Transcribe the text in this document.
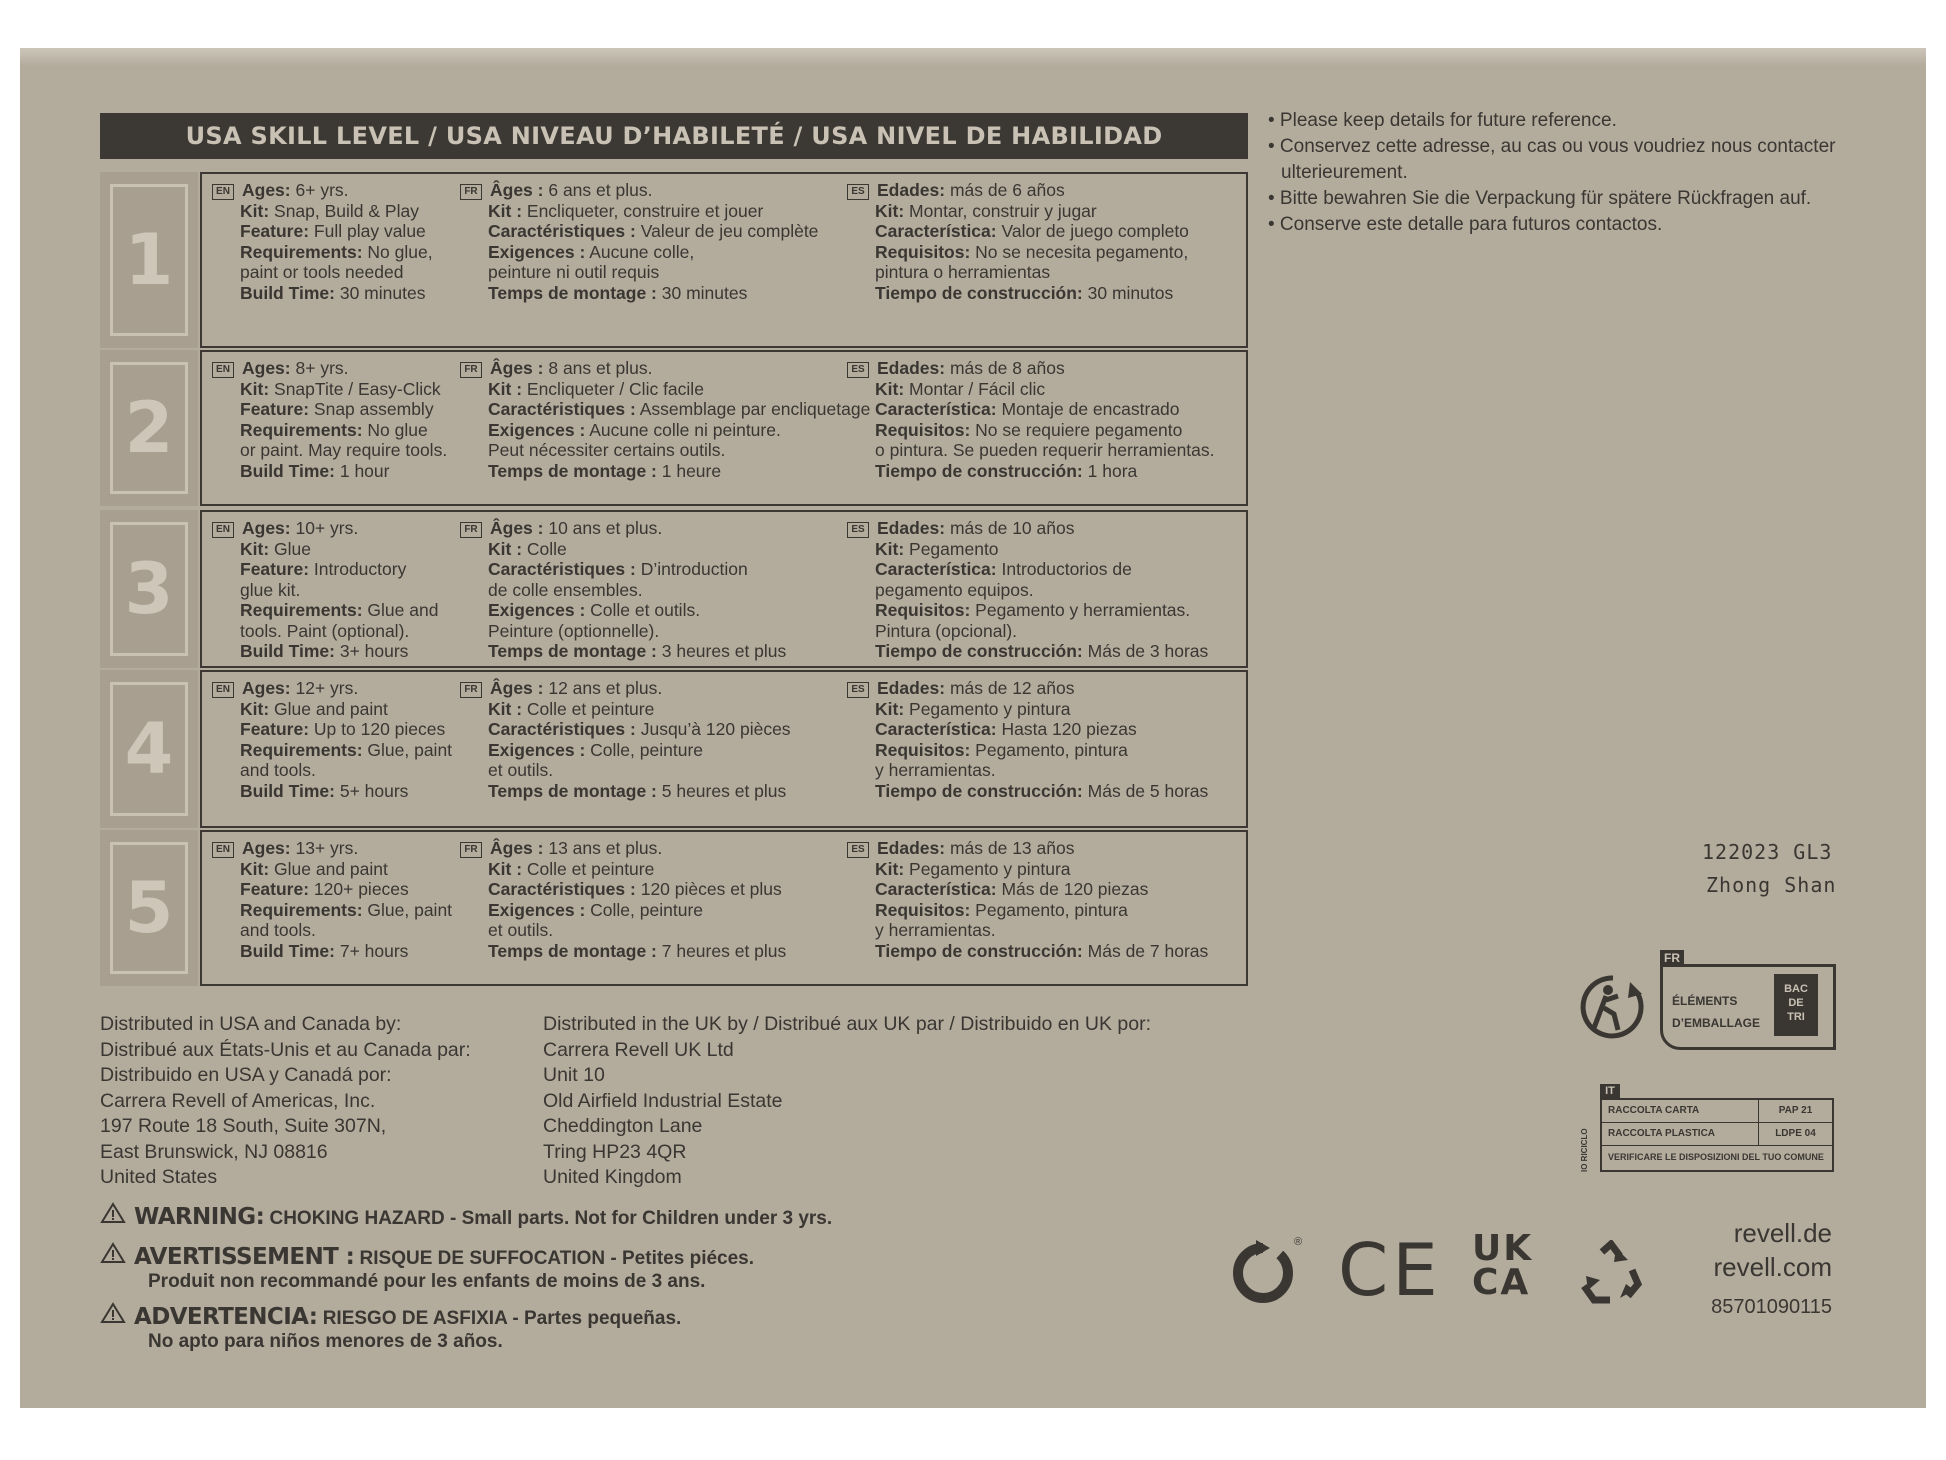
USA SKILL LEVEL / USA NIVEAU D’HABILETÉ / USA NIVEL DE HABILIDAD
1
EN Ages: 6+ yrs.
Kit: Snap, Build & Play
Feature: Full play value
Requirements: No glue,
paint or tools needed
Build Time: 30 minutes
FR Âges : 6 ans et plus.
Kit : Encliqueter, construire et jouer
Caractéristiques : Valeur de jeu complète
Exigences : Aucune colle,
peinture ni outil requis
Temps de montage : 30 minutes
ES Edades: más de 6 años
Kit: Montar, construir y jugar
Característica: Valor de juego completo
Requisitos: No se necesita pegamento,
pintura o herramientas
Tiempo de construcción: 30 minutos
2
EN Ages: 8+ yrs.
Kit: SnapTite / Easy-Click
Feature: Snap assembly
Requirements: No glue
or paint. May require tools.
Build Time: 1 hour
FR Âges : 8 ans et plus.
Kit : Encliqueter / Clic facile
Caractéristiques : Assemblage par encliquetage
Exigences : Aucune colle ni peinture.
Peut nécessiter certains outils.
Temps de montage : 1 heure
ES Edades: más de 8 años
Kit: Montar / Fácil clic
Característica: Montaje de encastrado
Requisitos: No se requiere pegamento
o pintura. Se pueden requerir herramientas.
Tiempo de construcción: 1 hora
3
EN Ages: 10+ yrs.
Kit: Glue
Feature: Introductory
glue kit.
Requirements: Glue and
tools. Paint (optional).
Build Time: 3+ hours
FR Âges : 10 ans et plus.
Kit : Colle
Caractéristiques : D’introduction
de colle ensembles.
Exigences : Colle et outils.
Peinture (optionnelle).
Temps de montage : 3 heures et plus
ES Edades: más de 10 años
Kit: Pegamento
Característica: Introductorios de
pegamento equipos.
Requisitos: Pegamento y herramientas.
Pintura (opcional).
Tiempo de construcción: Más de 3 horas
4
EN Ages: 12+ yrs.
Kit: Glue and paint
Feature: Up to 120 pieces
Requirements: Glue, paint
and tools.
Build Time: 5+ hours
FR Âges : 12 ans et plus.
Kit : Colle et peinture
Caractéristiques : Jusqu’à 120 pièces
Exigences : Colle, peinture
et outils.
Temps de montage : 5 heures et plus
ES Edades: más de 12 años
Kit: Pegamento y pintura
Característica: Hasta 120 piezas
Requisitos: Pegamento, pintura
y herramientas.
Tiempo de construcción: Más de 5 horas
5
EN Ages: 13+ yrs.
Kit: Glue and paint
Feature: 120+ pieces
Requirements: Glue, paint
and tools.
Build Time: 7+ hours
FR Âges : 13 ans et plus.
Kit : Colle et peinture
Caractéristiques : 120 pièces et plus
Exigences : Colle, peinture
et outils.
Temps de montage : 7 heures et plus
ES Edades: más de 13 años
Kit: Pegamento y pintura
Característica: Más de 120 piezas
Requisitos: Pegamento, pintura
y herramientas.
Tiempo de construcción: Más de 7 horas
• Please keep details for future reference.
• Conservez cette adresse, au cas ou vous voudriez nous contacter
ulterieurement.
• Bitte bewahren Sie die Verpackung für spätere Rückfragen auf.
• Conserve este detalle para futuros contactos.
Distributed in USA and Canada by:
Distribué aux États-Unis et au Canada par:
Distribuido en USA y Canadá por:
Carrera Revell of Americas, Inc.
197 Route 18 South, Suite 307N,
East Brunswick, NJ 08816
United States
Distributed in the UK by / Distribué aux UK par / Distribuido en UK por:
Carrera Revell UK Ltd
Unit 10
Old Airfield Industrial Estate
Cheddington Lane
Tring HP23 4QR
United Kingdom
WARNING: CHOKING HAZARD - Small parts. Not for Children under 3 yrs.
AVERTISSEMENT : RISQUE DE SUFFOCATION - Petites piéces.
Produit non recommandé pour les enfants de moins de 3 ans.
ADVERTENCIA: RIESGO DE ASFIXIA - Partes pequeñas.
No apto para niños menores de 3 años.
122023 GL3
Zhong Shan
FR
ÉLÉMENTS
D’EMBALLAGE
BAC
DE
TRI
IT
IO RICICLO
RACCOLTA CARTA	PAP 21
RACCOLTA PLASTICA	LDPE 04
VERIFICARE LE DISPOSIZIONI DEL TUO COMUNE
® CE UK
CA
revell.de
revell.com
85701090115
